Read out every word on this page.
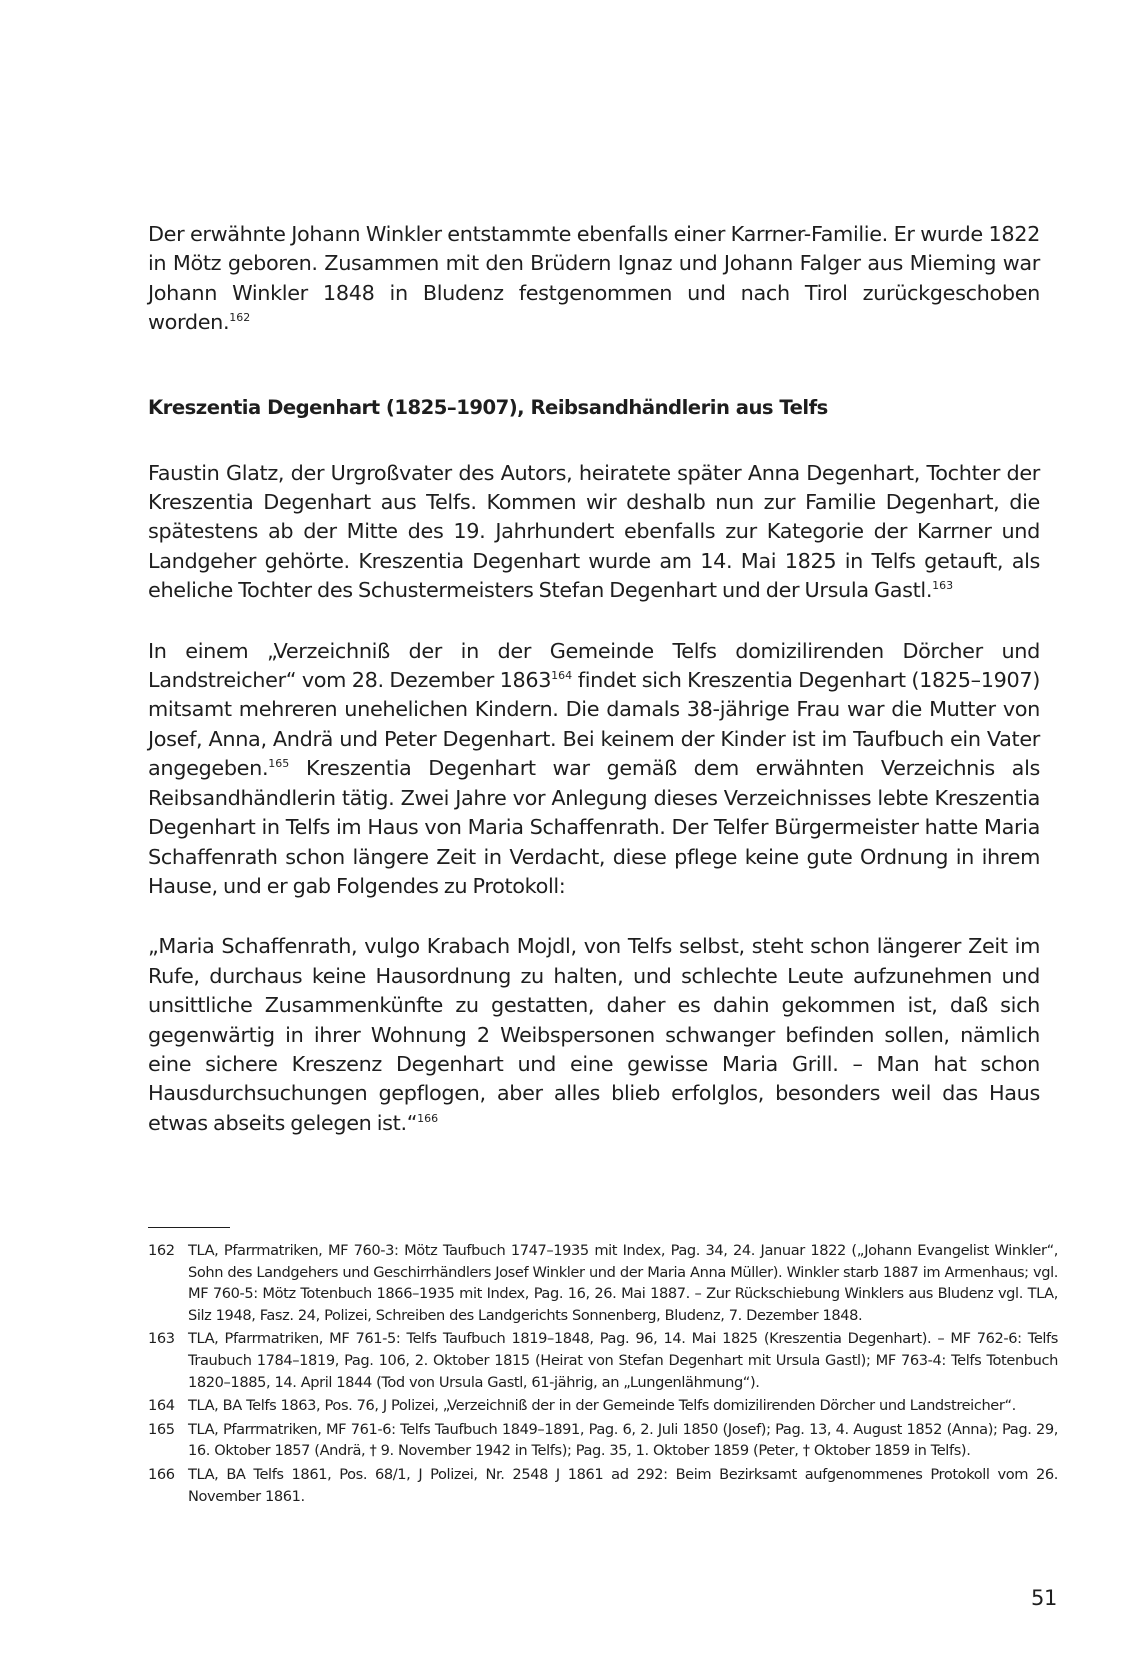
Der erwähnte Johann Winkler entstammte ebenfalls einer Karrner-Familie. Er wurde 1822 in Mötz geboren. Zusammen mit den Brüdern Ignaz und Johann Falger aus Mieming war Johann Winkler 1848 in Bludenz festgenommen und nach Tirol zurückgeschoben worden.$^{162}$

Kreszentia Degenhart (1825–1907), Reibsandhändlerin aus Telfs

Faustin Glatz, der Urgroßvater des Autors, heiratete später Anna Degenhart, Tochter der Kreszentia Degenhart aus Telfs. Kommen wir deshalb nun zur Familie Degenhart, die spätestens ab der Mitte des 19. Jahrhundert ebenfalls zur Kategorie der Karrner und Landgeher gehörte. Kreszentia Degenhart wurde am 14. Mai 1825 in Telfs getauft, als eheliche Tochter des Schustermeisters Stefan Degenhart und der Ursula Gastl.$^{163}$

In einem „Verzeichniß der in der Gemeinde Telfs domizilirenden Dörcher und Landstreicher“ vom 28. Dezember 1863$^{164}$ findet sich Kreszentia Degenhart (1825–1907) mitsamt mehreren unehelichen Kindern. Die damals 38-jährige Frau war die Mutter von Josef, Anna, Andrä und Peter Degenhart. Bei keinem der Kinder ist im Taufbuch ein Vater angegeben.$^{165}$ Kreszentia Degenhart war gemäß dem erwähnten Verzeichnis als Reibsandhändlerin tätig. Zwei Jahre vor Anlegung dieses Verzeichnisses lebte Kreszentia Degenhart in Telfs im Haus von Maria Schaffenrath. Der Telfer Bürgermeister hatte Maria Schaffenrath schon längere Zeit in Verdacht, diese pflege keine gute Ordnung in ihrem Hause, und er gab Folgendes zu Protokoll:

„Maria Schaffenrath, vulgo Krabach Mojdl, von Telfs selbst, steht schon längerer Zeit im Rufe, durchaus keine Hausordnung zu halten, und schlechte Leute aufzunehmen und unsittliche Zusammenkünfte zu gestatten, daher es dahin gekommen ist, daß sich gegenwärtig in ihrer Wohnung 2 Weibspersonen schwanger befinden sollen, nämlich eine sichere Kreszenz Degenhart und eine gewisse Maria Grill. – Man hat schon Hausdurchsuchungen gepflogen, aber alles blieb erfolglos, besonders weil das Haus etwas abseits gelegen ist.“$^{166}$

162 TLA, Pfarrmatriken, MF 760-3: Mötz Taufbuch 1747–1935 mit Index, Pag. 34, 24. Januar 1822 („Johann Evangelist Winkler“, Sohn des Landgehers und Geschirrhändlers Josef Winkler und der Maria Anna Müller). Winkler starb 1887 im Armenhaus; vgl. MF 760-5: Mötz Totenbuch 1866–1935 mit Index, Pag. 16, 26. Mai 1887. – Zur Rückschiebung Winklers aus Bludenz vgl. TLA, Silz 1948, Fasz. 24, Polizei, Schreiben des Landgerichts Sonnenberg, Bludenz, 7. Dezember 1848.
163 TLA, Pfarrmatriken, MF 761-5: Telfs Taufbuch 1819–1848, Pag. 96, 14. Mai 1825 (Kreszentia Degenhart). – MF 762-6: Telfs Traubuch 1784–1819, Pag. 106, 2. Oktober 1815 (Heirat von Stefan Degenhart mit Ursula Gastl); MF 763-4: Telfs Totenbuch 1820–1885, 14. April 1844 (Tod von Ursula Gastl, 61-jährig, an „Lungenlähmung“).
164 TLA, BA Telfs 1863, Pos. 76, J Polizei, „Verzeichniß der in der Gemeinde Telfs domizilirenden Dörcher und Landstreicher“.
165 TLA, Pfarrmatriken, MF 761-6: Telfs Taufbuch 1849–1891, Pag. 6, 2. Juli 1850 (Josef); Pag. 13, 4. August 1852 (Anna); Pag. 29, 16. Oktober 1857 (Andrä, † 9. November 1942 in Telfs); Pag. 35, 1. Oktober 1859 (Peter, † Oktober 1859 in Telfs).
166 TLA, BA Telfs 1861, Pos. 68/1, J Polizei, Nr. 2548 J 1861 ad 292: Beim Bezirksamt aufgenommenes Protokoll vom 26. November 1861.
51
